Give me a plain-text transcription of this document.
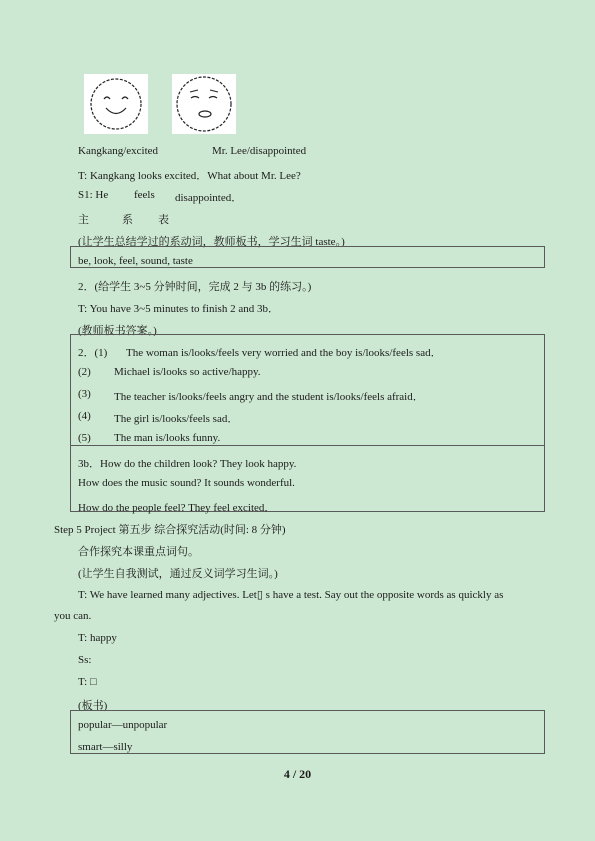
Kangkang/excited	Mr. Lee/disappointed
T: Kangkang looks excited．What about Mr. Lee?
S1: He feels disappointed．
主	系 表
(让学生总结学过的系动词，教师板书，学习生词 taste。)
be, look, feel, sound, taste
2．(给学生 3~5 分钟时间，完成 2 与 3b 的练习。)
T: You have 3~5 minutes to finish 2 and 3b．
(教师板书答案。)
2．(1) The woman is/looks/feels very worried and the boy is/looks/feels sad．
(2) Michael is/looks so active/happy.
(3) The teacher is/looks/feels angry and the student is/looks/feels afraid．
(4) The girl is/looks/feels sad．
(5) The man is/looks funny.
3b．How do the children look? They look happy.
How does the music sound? It sounds wonderful.
How do the people feel? They feel excited．
Step 5 Project 第五步 综合探究活动(时间: 8 分钟)
合作探究本课重点词句。
(让学生自我测试，通过反义词学习生词。)
T: We have learned many adjectives. Let▯ s have a test. Say out the opposite words as quickly as
you can.
T: happy
Ss:
T: □
(板书)
popular—unpopular
smart—silly
4 / 20
